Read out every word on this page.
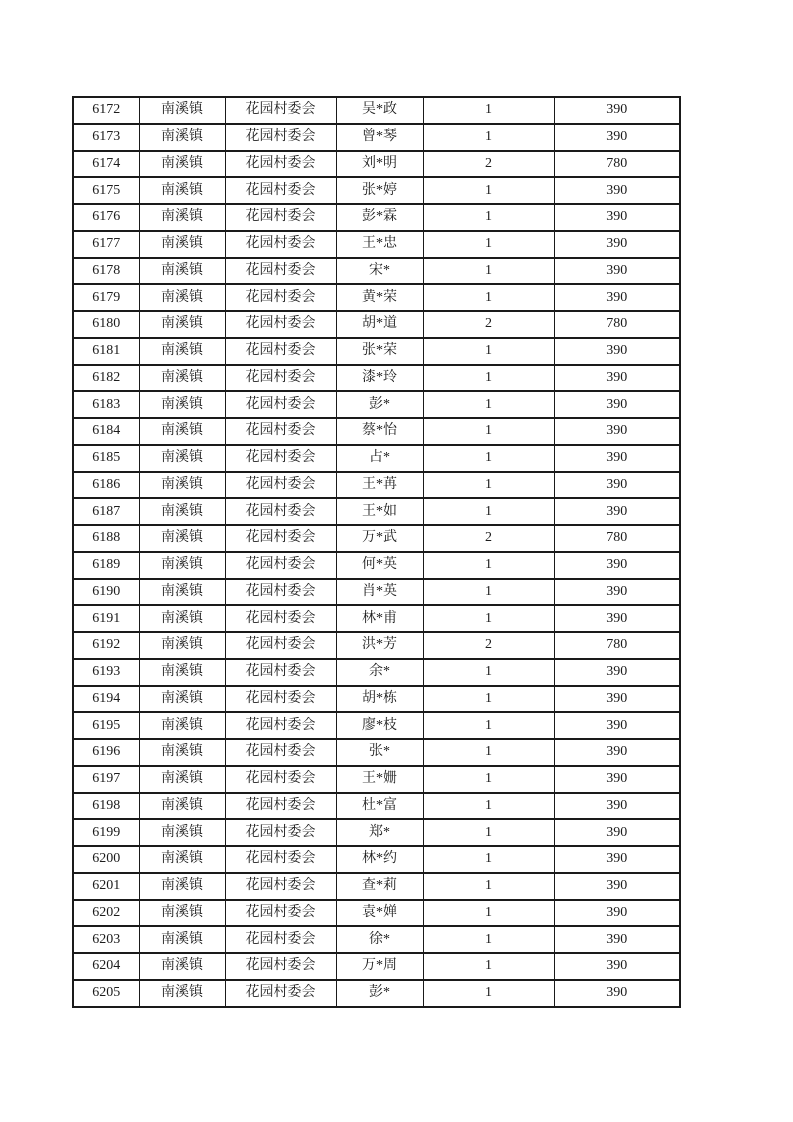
6172	南溪镇	花园村委会	吴*政	1	390
6173	南溪镇	花园村委会	曾*琴	1	390
6174	南溪镇	花园村委会	刘*明	2	780
6175	南溪镇	花园村委会	张*婷	1	390
6176	南溪镇	花园村委会	彭*霖	1	390
6177	南溪镇	花园村委会	王*忠	1	390
6178	南溪镇	花园村委会	宋*	1	390
6179	南溪镇	花园村委会	黄*荣	1	390
6180	南溪镇	花园村委会	胡*道	2	780
6181	南溪镇	花园村委会	张*荣	1	390
6182	南溪镇	花园村委会	漆*玲	1	390
6183	南溪镇	花园村委会	彭*	1	390
6184	南溪镇	花园村委会	蔡*怡	1	390
6185	南溪镇	花园村委会	占*	1	390
6186	南溪镇	花园村委会	王*苒	1	390
6187	南溪镇	花园村委会	王*如	1	390
6188	南溪镇	花园村委会	万*武	2	780
6189	南溪镇	花园村委会	何*英	1	390
6190	南溪镇	花园村委会	肖*英	1	390
6191	南溪镇	花园村委会	林*甫	1	390
6192	南溪镇	花园村委会	洪*芳	2	780
6193	南溪镇	花园村委会	余*	1	390
6194	南溪镇	花园村委会	胡*栋	1	390
6195	南溪镇	花园村委会	廖*枝	1	390
6196	南溪镇	花园村委会	张*	1	390
6197	南溪镇	花园村委会	王*姗	1	390
6198	南溪镇	花园村委会	杜*富	1	390
6199	南溪镇	花园村委会	郑*	1	390
6200	南溪镇	花园村委会	林*约	1	390
6201	南溪镇	花园村委会	查*莉	1	390
6202	南溪镇	花园村委会	袁*婵	1	390
6203	南溪镇	花园村委会	徐*	1	390
6204	南溪镇	花园村委会	万*周	1	390
6205	南溪镇	花园村委会	彭*	1	390
